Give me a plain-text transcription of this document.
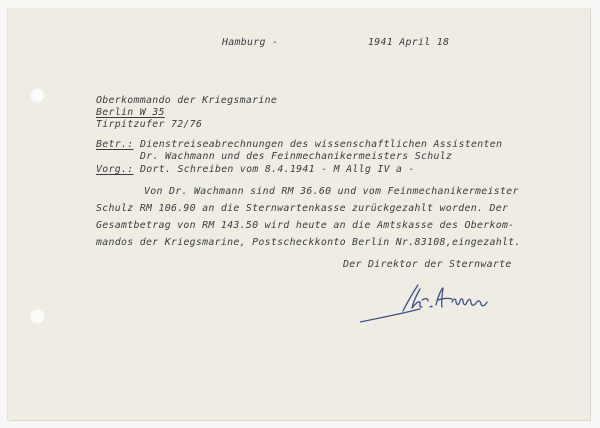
Hamburg -	1941 April 18
Oberkommando der Kriegsmarine
Berlin W 35
Tirpitzufer 72/76
Betr.: Dienstreiseabrechnungen des wissenschaftlichen Assistenten
Dr. Wachmann und des Feinmechanikermeisters Schulz
Vorg.: Dort. Schreiben vom 8.4.1941 - M Allg IV a -
Von Dr. Wachmann sind RM 36.60 und vom Feinmechanikermeister
Schulz RM 106.90 an die Sternwartenkasse zurückgezahlt worden. Der
Gesamtbetrag von RM 143.50 wird heute an die Amtskasse des Oberkom-
mandos der Kriegsmarine, Postscheckkonto Berlin Nr.83108,eingezahlt.
Der Direktor der Sternwarte
